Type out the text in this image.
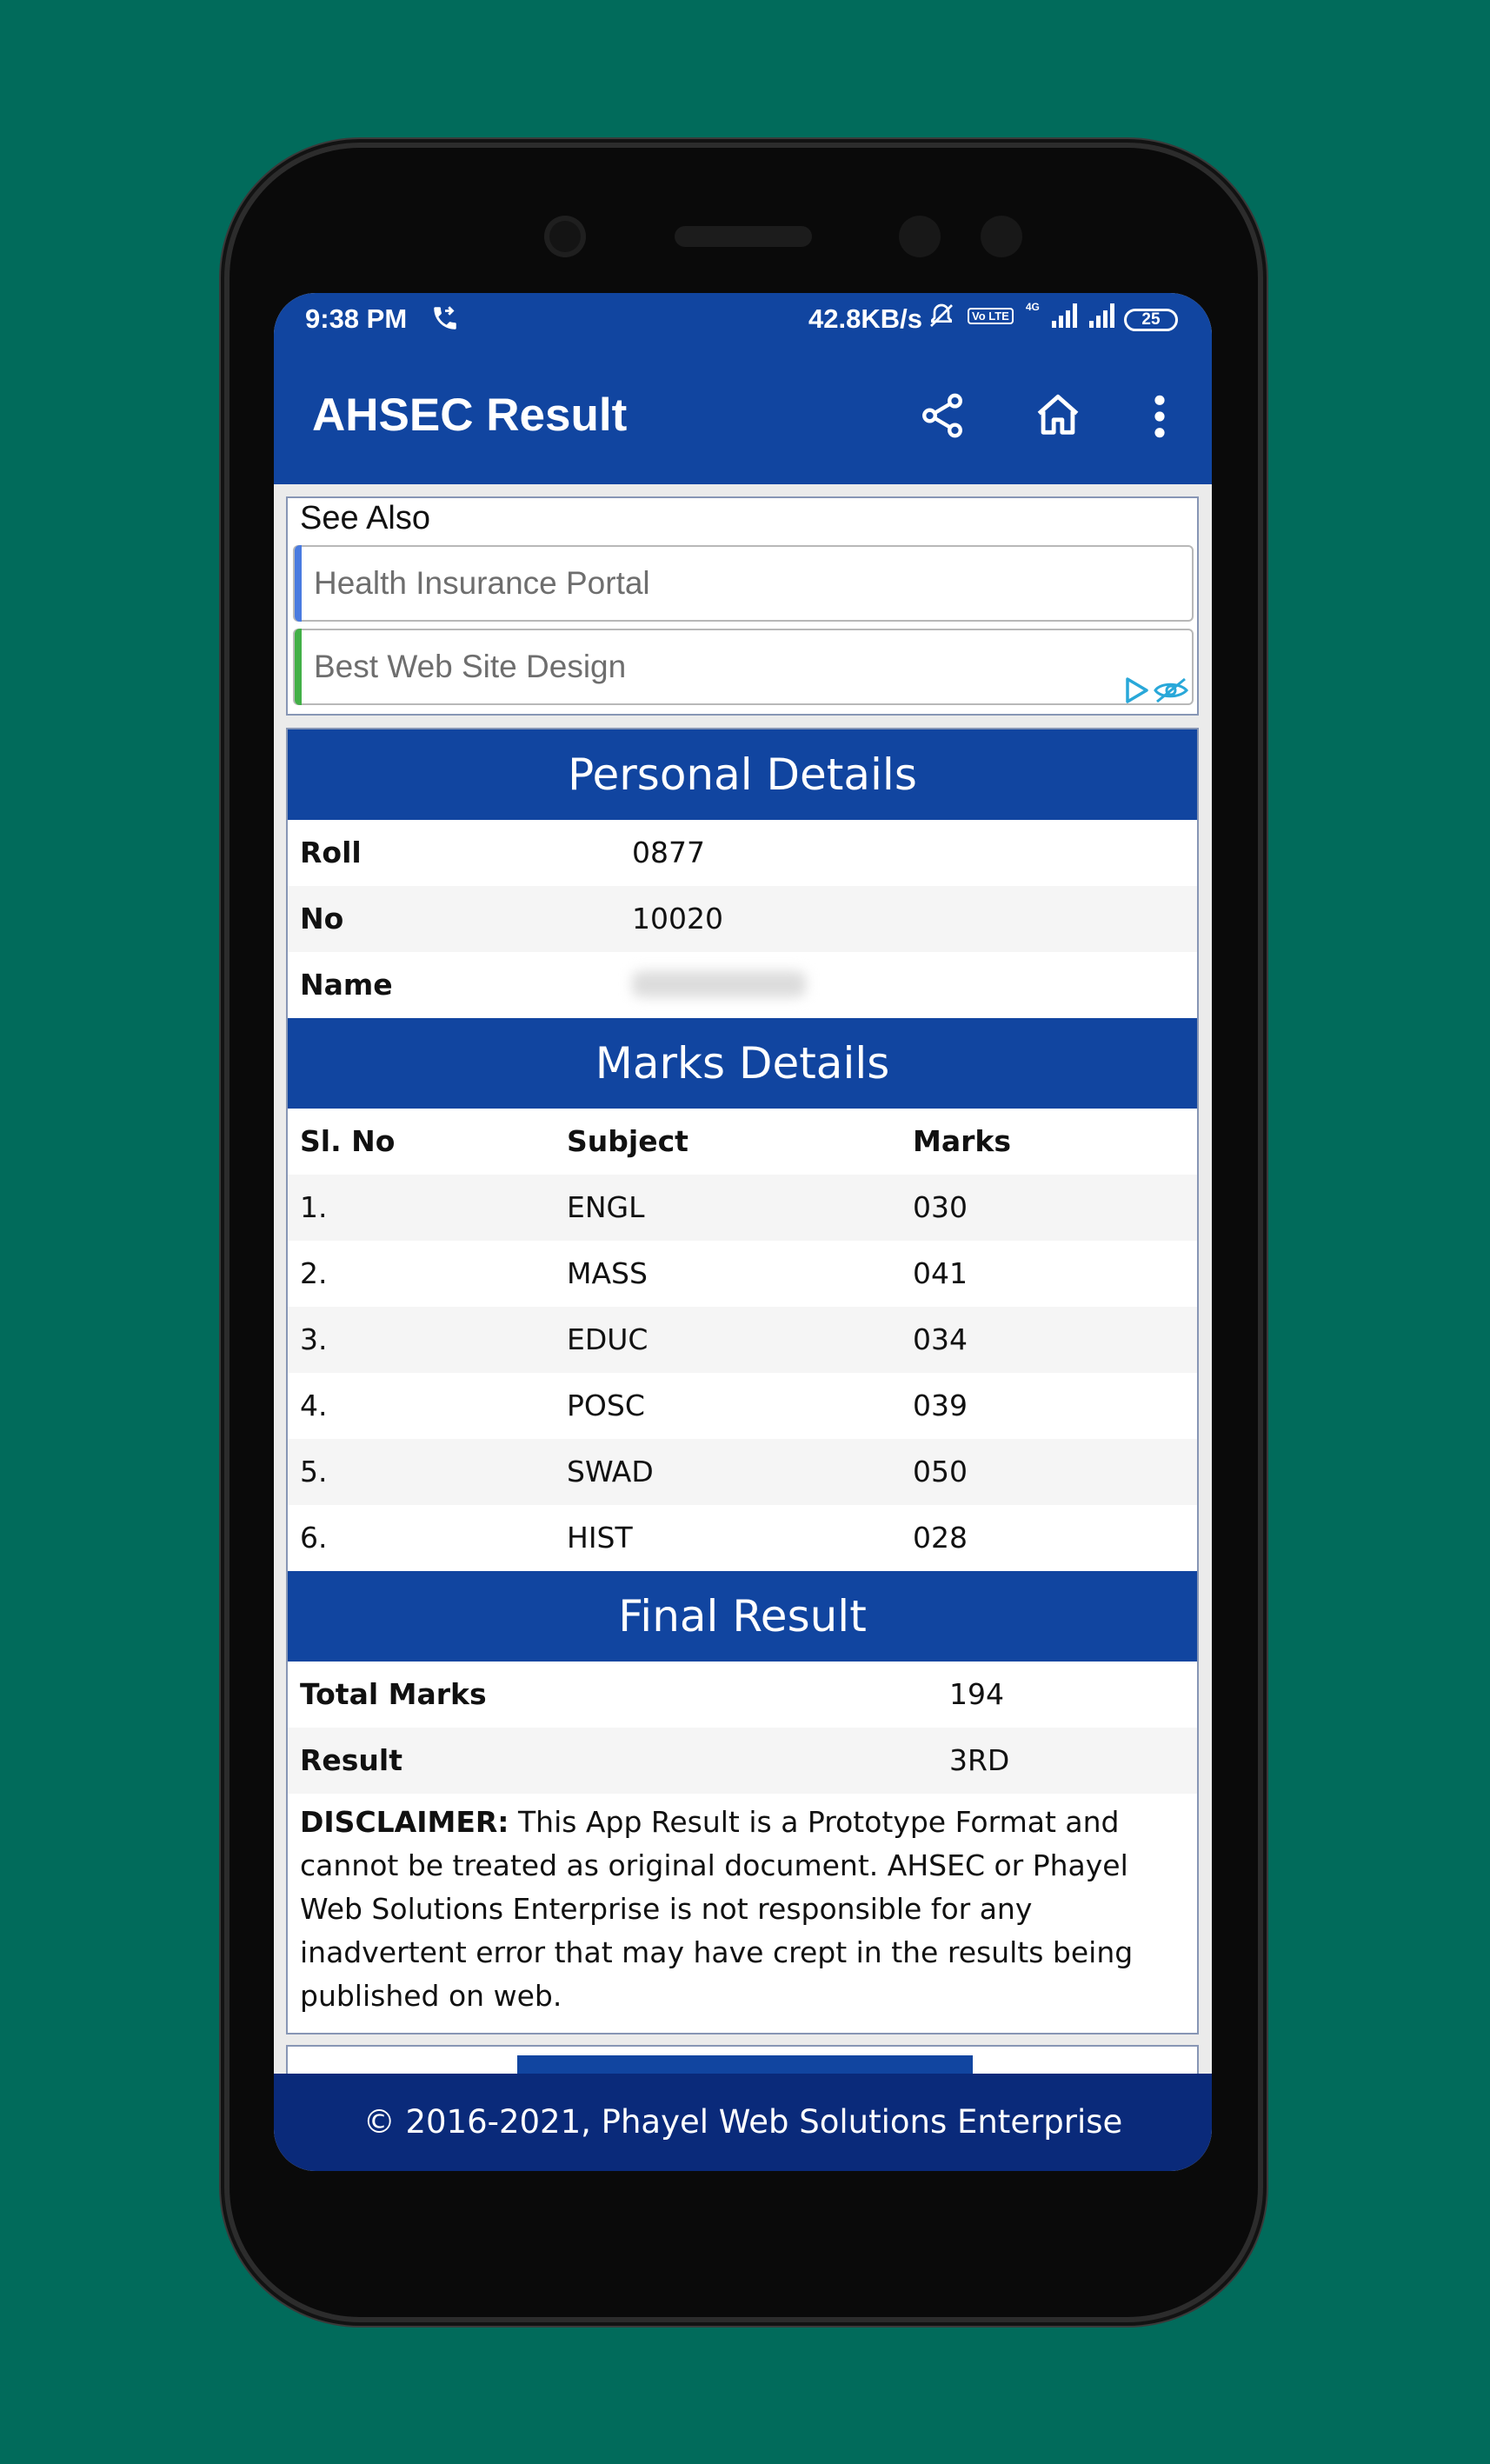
9:38 PM	42.8KB/s	Vo LTE
4G
25
AHSEC Result
See Also
Health Insurance Portal
Best Web Site Design
Personal Details
Roll	0877
No	10020
Name
Marks Details
Sl. No	Subject	Marks
1.	ENGL	030
2.	MASS	041
3.	EDUC	034
4.	POSC	039
5.	SWAD	050
6.	HIST	028
Final Result
Total Marks	194
Result	3RD
DISCLAIMER: This App Result is a Prototype Format and cannot be treated as original document. AHSEC or Phayel Web Solutions Enterprise is not responsible for any inadvertent error that may have crept in the results being published on web.
© 2016-2021, Phayel Web Solutions Enterprise
